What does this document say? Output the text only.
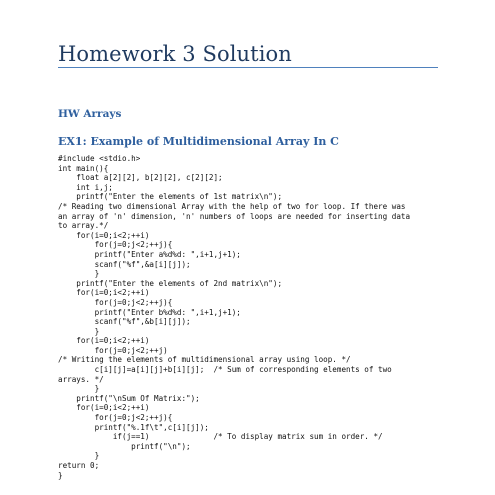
Homework 3 Solution
HW Arrays
EX1: Example of Multidimensional Array In C
#include <stdio.h>
int main(){
float a[2][2], b[2][2], c[2][2];
int i,j;
printf("Enter the elements of 1st matrix\n");
/* Reading two dimensional Array with the help of two for loop. If there was
an array of 'n' dimension, 'n' numbers of loops are needed for inserting data
to array.*/
for(i=0;i<2;++i)
for(j=0;j<2;++j){
printf("Enter a%d%d: ",i+1,j+1);
scanf("%f",&a[i][j]);
}
printf("Enter the elements of 2nd matrix\n");
for(i=0;i<2;++i)
for(j=0;j<2;++j){
printf("Enter b%d%d: ",i+1,j+1);
scanf("%f",&b[i][j]);
}
for(i=0;i<2;++i)
for(j=0;j<2;++j)
/* Writing the elements of multidimensional array using loop. */
c[i][j]=a[i][j]+b[i][j];  /* Sum of corresponding elements of two
arrays. */
}
printf("\nSum Of Matrix:");
for(i=0;i<2;++i)
for(j=0;j<2;++j){
printf("%.1f\t",c[i][j]);
if(j==1)              /* To display matrix sum in order. */
printf("\n");
}
return 0;
}
